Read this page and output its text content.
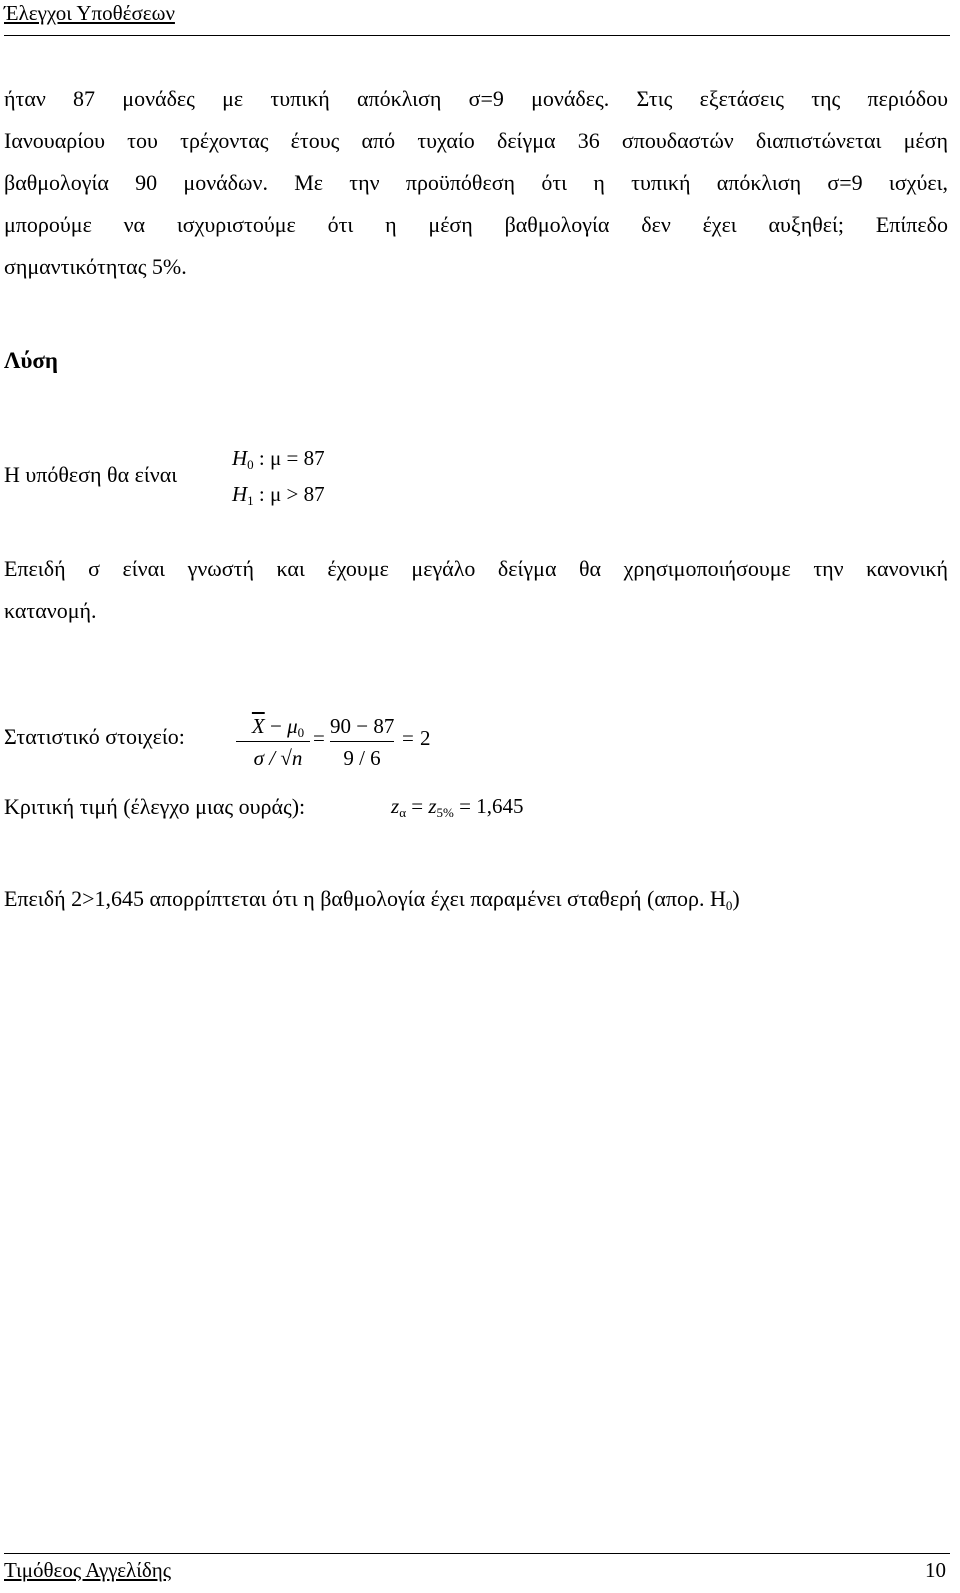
Έλεγχοι Υποθέσεων
ήταν 87 μονάδες με τυπική απόκλιση σ=9 μονάδες. Στις εξετάσεις της περιόδου
Ιανουαρίου του τρέχοντας έτους από τυχαίο δείγμα 36 σπουδαστών διαπιστώνεται μέση
βαθμολογία 90 μονάδων. Με την προϋπόθεση ότι η τυπική απόκλιση σ=9 ισχύει,
μπορούμε να ισχυριστούμε ότι η μέση βαθμολογία δεν έχει αυξηθεί; Επίπεδο
σημαντικότητας 5%.
Λύση
Η υπόθεση θα είναι
$H_0$ : μ = 87
$H_1$ : μ > 87
Επειδή σ είναι γνωστή και έχουμε μεγάλο δείγμα θα χρησιμοποιήσουμε την κανονική
κατανομή.
Στατιστικό στοιχείο:	$\overline{X} - \mu_0$
σ / √n
= 90 − 87
9 / 6
= 2
Κριτική τιμή (έλεγχο μιας ουράς):	$z_\alpha = z_{5\%} = 1,645$
Επειδή 2>1,645 απορρίπτεται ότι η βαθμολογία έχει παραμένει σταθερή (απορ. $H_0$)
Τιμόθεος Αγγελίδης	10
